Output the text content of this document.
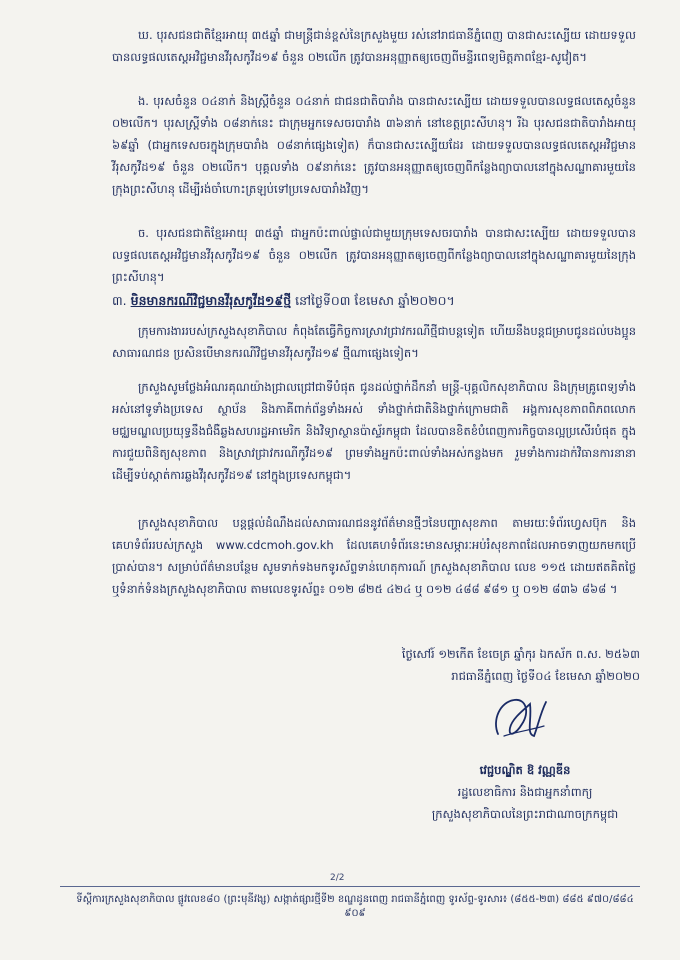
ឃ. បុរសជនជាតិខ្មែរអាយុ ៣៥ឆ្នាំ ជាមន្ត្រីជាន់ខ្ពស់នៃក្រសួងមួយ រស់នៅរាជធានីភ្នំពេញ បានជាសះស្បើយ ដោយទទួលបានលទ្ធផលតេស្តអវិជ្ជមានវីរុសកូវីដ១៩ ចំនួន ០២លើក ត្រូវបានអនុញ្ញាតឲ្យចេញពីមន្ទីរពេទ្យមិត្តភាពខ្មែរ-សូវៀត។
ង. បុរសចំនួន ០៤នាក់ និងស្ត្រីចំនួន ០៤នាក់ ជាជនជាតិបារាំង បានជាសះស្បើយ ដោយទទួលបានលទ្ធផលតេស្តចំនួន ០២លើក។ បុរសស្ត្រីទាំង ០៨នាក់នេះ ជាក្រុមអ្នកទេសចរបារាំង ៣៦នាក់ នៅខេត្តព្រះសីហនុ។ រីឯ បុរសជនជាតិបារាំងអាយុ ៦៩ឆ្នាំ (ជាអ្នកទេសចរក្នុងក្រុមបារាំង ០៨នាក់ផ្សេងទៀត) ក៏បានជាសះស្បើយដែរ ដោយទទួលបានលទ្ធផលតេស្តអវិជ្ជមានវីរុសកូវីដ១៩ ចំនួន ០២លើក។ បុគ្គលទាំង ០៩នាក់នេះ ត្រូវបានអនុញ្ញាតឲ្យចេញពីកន្លែងព្យាបាលនៅក្នុងសណ្ឋាគារមួយនៃក្រុងព្រះសីហនុ ដើម្បីរង់ចាំហោះត្រឡប់ទៅប្រទេសបារាំងវិញ។
ច. បុរសជនជាតិខ្មែរអាយុ ៣៥ឆ្នាំ ជាអ្នកប៉ះពាល់ផ្ទាល់ជាមួយក្រុមទេសចរបារាំង បានជាសះស្បើយ ដោយទទួលបានលទ្ធផលតេស្តអវិជ្ជមានវីរុសកូវីដ១៩ ចំនួន ០២លើក ត្រូវបានអនុញ្ញាតឲ្យចេញពីកន្លែងព្យាបាលនៅក្នុងសណ្ឋាគារមួយនៃក្រុងព្រះសីហនុ។
៣. មិនមានករណីវិជ្ជមានវីរុសកូវីដ១៩ថ្មី នៅថ្ងៃទី០៣ ខែមេសា ឆ្នាំ២០២០។
ក្រុមការងាររបស់ក្រសួងសុខាភិបាល កំពុងតែធ្វើកិច្ចការស្រាវជ្រាវករណីថ្មីជាបន្តទៀត ហើយនឹងបន្តជម្រាបជូនដល់បងប្អូនសាធារណជន ប្រសិនបើមានករណីវិជ្ជមានវីរុសកូវីដ១៩ ថ្មីណាផ្សេងទៀត។
ក្រសួងសូមថ្លែងអំណរគុណយ៉ាងជ្រាលជ្រៅជាទីបំផុត ជូនដល់ថ្នាក់ដឹកនាំ មន្ត្រី-បុគ្គលិកសុខាភិបាល និងក្រុមគ្រូពេទ្យទាំងអស់នៅទូទាំងប្រទេស ស្ថាប័ន និងភាគីពាក់ព័ន្ធទាំងអស់ ទាំងថ្នាក់ជាតិនិងថ្នាក់ក្រោមជាតិ អង្គការសុខភាពពិភពលោក មជ្ឈមណ្ឌលប្រយុទ្ធនឹងជំងឺឆ្លងសហរដ្ឋអាមេរិក និងវិទ្យាស្ថានប៉ាស្ទ័រកម្ពុជា ដែលបានខិតខំបំពេញការកិច្ចបានល្អប្រសើរបំផុត ក្នុងការជួយពិនិត្យសុខភាព និងស្រាវជ្រាវករណីកូវីដ១៩ ព្រមទាំងអ្នកប៉ះពាល់ទាំងអស់កន្លងមក រួមទាំងការដាក់វិធានការនានា ដើម្បីទប់ស្កាត់ការឆ្លងវីរុសកូវីដ១៩ នៅក្នុងប្រទេសកម្ពុជា។
ក្រសួងសុខាភិបាល បន្តផ្ដល់ដំណឹងដល់សាធារណជននូវព័ត៌មានថ្មីៗនៃបញ្ហាសុខភាព តាមរយៈទំព័រហ្វេសប៊ុក និងគេហទំព័ររបស់ក្រសួង www.cdcmoh.gov.kh ដែលគេហទំព័រនេះមានសម្ភារៈអប់រំសុខភាពដែលអាចទាញយកមកប្រើប្រាស់បាន។ សម្រាប់ព័ត៌មានបន្ថែម សូមទាក់ទងមកទូរស័ព្ទទាន់ហេតុការណ៍ ក្រសួងសុខាភិបាល លេខ ១១៥ ដោយឥតគិតថ្លៃ ឬទំនាក់ទំនងក្រសួងសុខាភិបាល តាមលេខទូរស័ព្ទ៖ ០១២ ៨២៥ ៤២៤ ឬ ០១២ ៤៨៨ ៩៨១ ឬ ០១២ ៨៣៦ ៨៦៨ ។
ថ្ងៃសៅរ៍ ១២កើត ខែចេត្រ ឆ្នាំកុរ ឯកស័ក ព.ស. ២៥៦៣
រាជធានីភ្នំពេញ ថ្ងៃទី០៤ ខែមេសា ឆ្នាំ២០២០
វេជ្ជបណ្ឌិត ឱ វណ្ណឌីន
រដ្ឋលេខាធិការ និងជាអ្នកនាំពាក្យ
ក្រសួងសុខាភិបាលនៃព្រះរាជាណាចក្រកម្ពុជា
2/2
ទីស្តីការក្រសួងសុខាភិបាល ផ្លូវលេខ៨០ (ព្រះមុនីវង្ស) សង្កាត់ផ្សារថ្មីទី២ ខណ្ឌដូនពេញ រាជធានីភ្នំពេញ ទូរស័ព្ទ-ទូរសារ៖ (៨៥៥-២៣) ៨៨៥ ៩៧០/៨៨៤ ៩០៩
